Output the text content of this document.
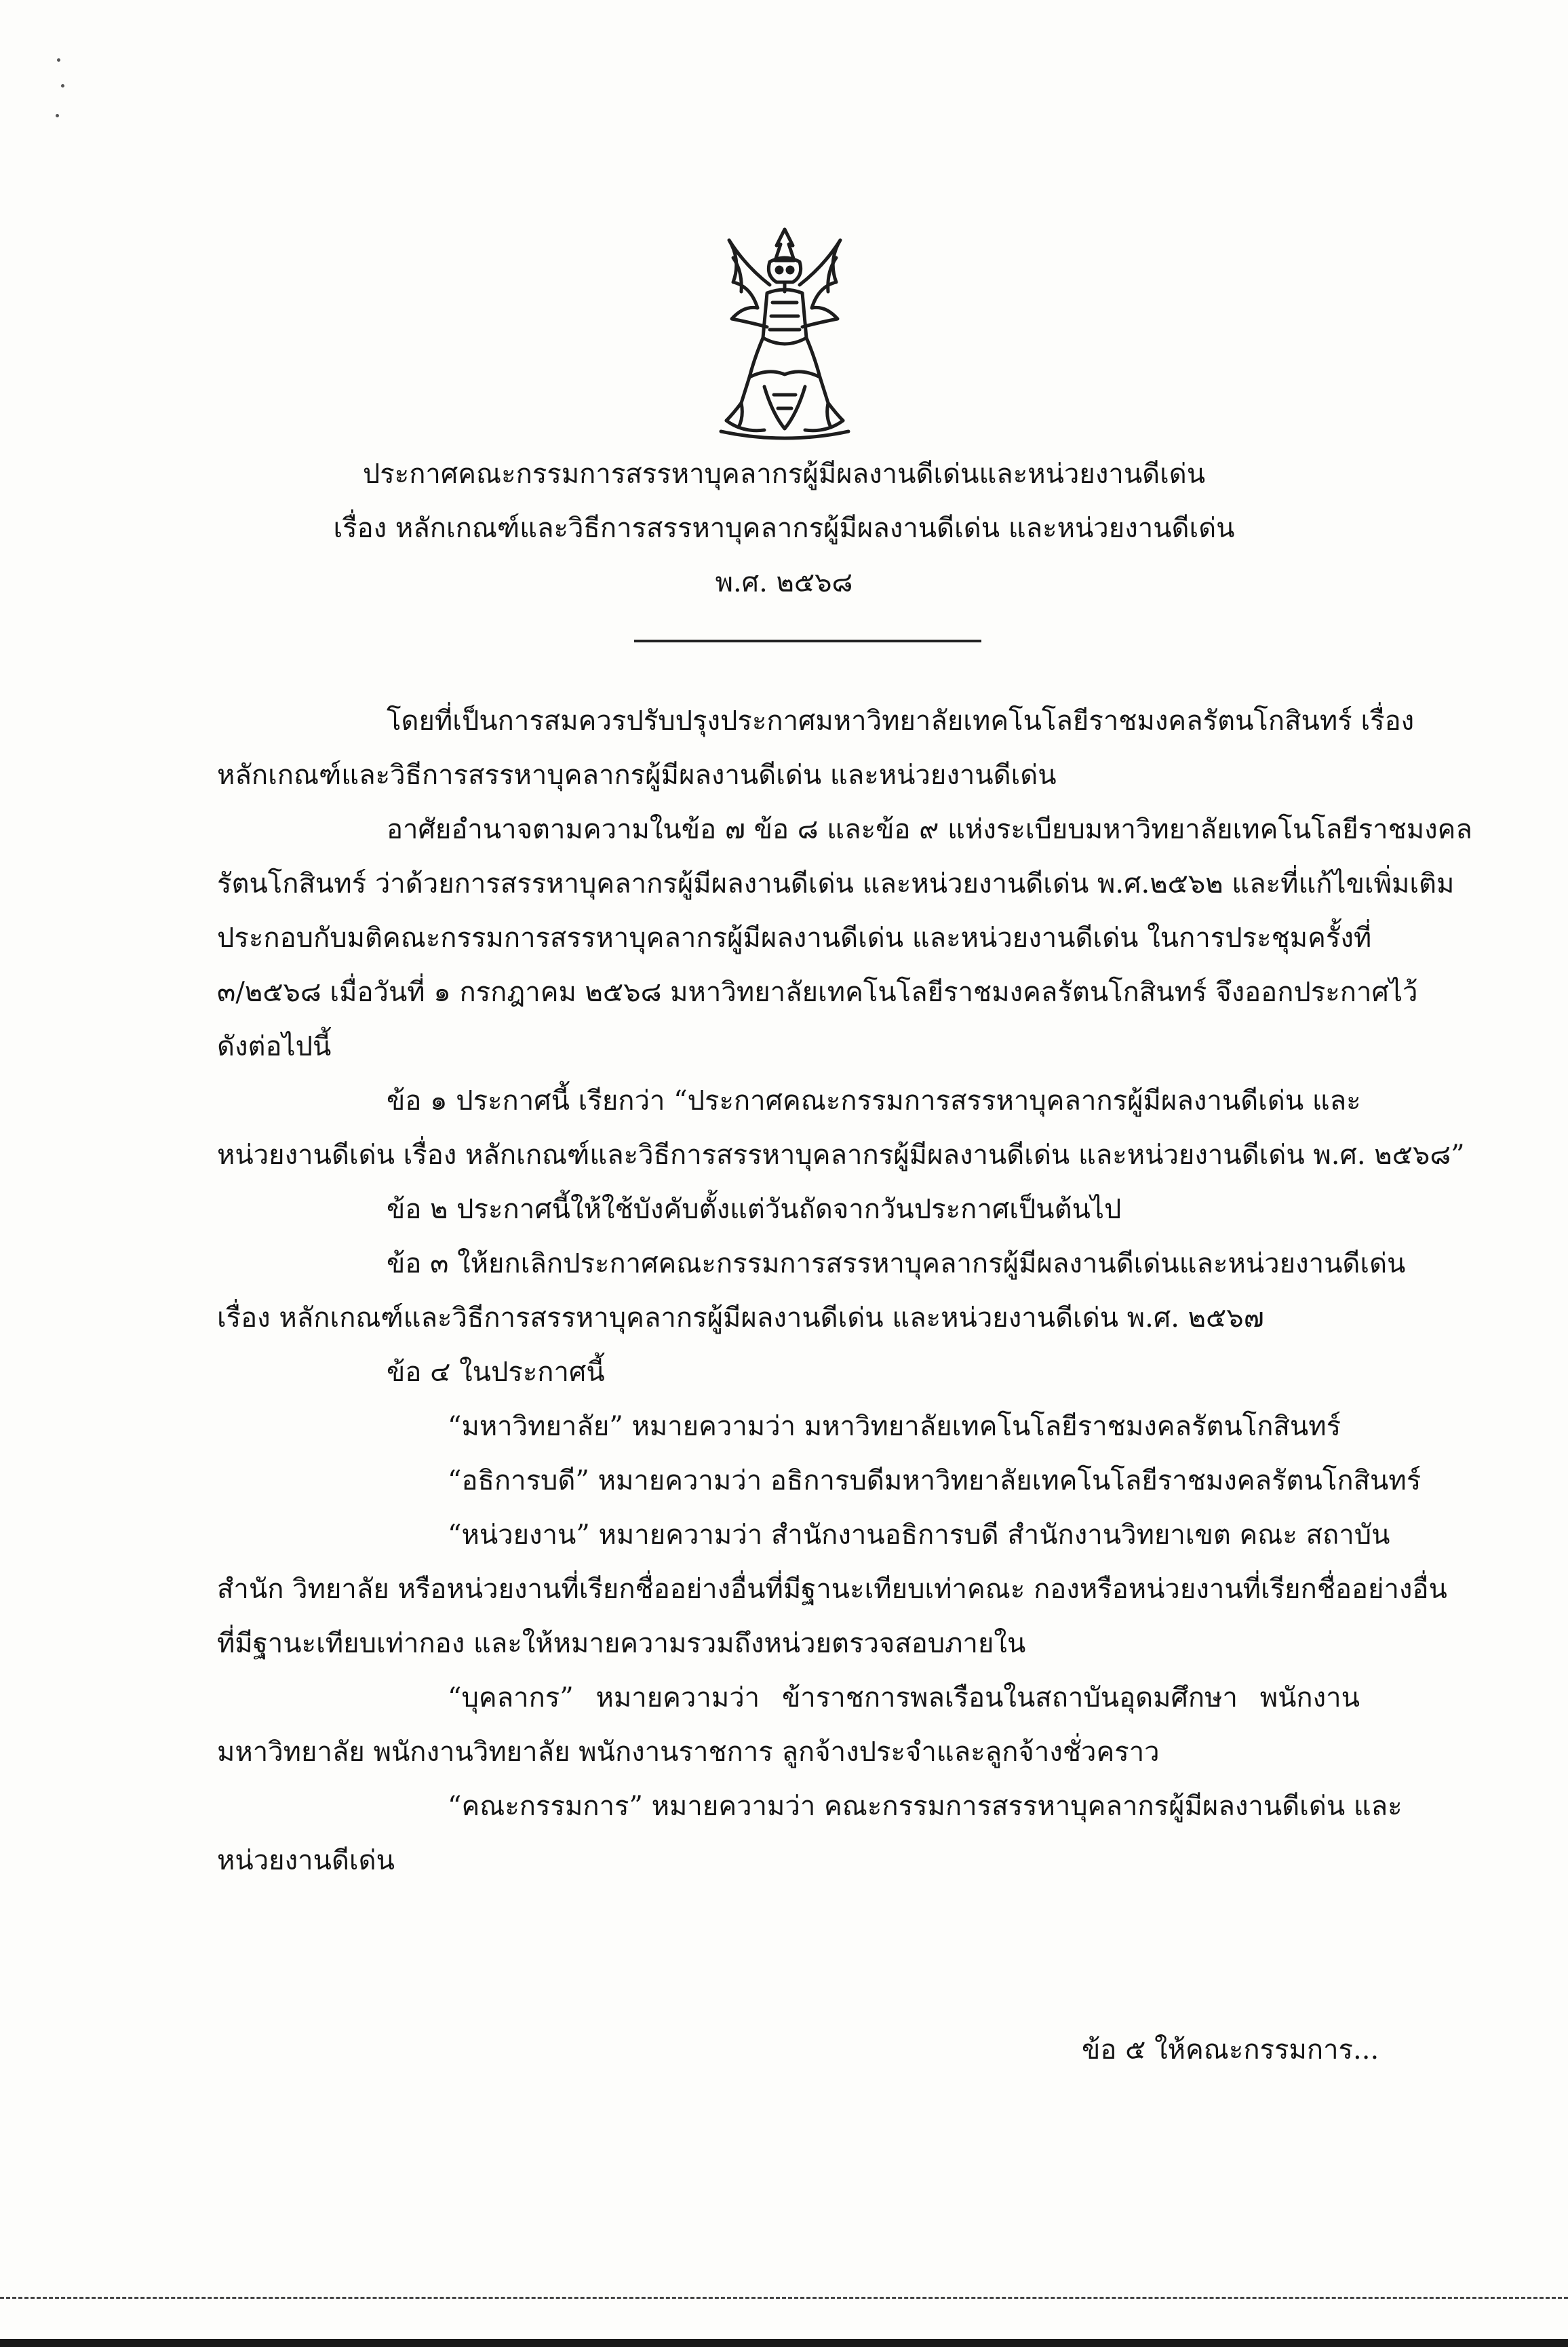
ประกาศคณะกรรมการสรรหาบุคลากรผู้มีผลงานดีเด่นและหน่วยงานดีเด่น
เรื่อง หลักเกณฑ์และวิธีการสรรหาบุคลากรผู้มีผลงานดีเด่น และหน่วยงานดีเด่น
พ.ศ. ๒๕๖๘
โดยที่เป็นการสมควรปรับปรุงประกาศมหาวิทยาลัยเทคโนโลยีราชมงคลรัตนโกสินทร์ เรื่อง
หลักเกณฑ์และวิธีการสรรหาบุคลากรผู้มีผลงานดีเด่น และหน่วยงานดีเด่น
อาศัยอำนาจตามความในข้อ ๗ ข้อ ๘ และข้อ ๙ แห่งระเบียบมหาวิทยาลัยเทคโนโลยีราชมงคล
รัตนโกสินทร์ ว่าด้วยการสรรหาบุคลากรผู้มีผลงานดีเด่น และหน่วยงานดีเด่น พ.ศ.๒๕๖๒ และที่แก้ไขเพิ่มเติม
ประกอบกับมติคณะกรรมการสรรหาบุคลากรผู้มีผลงานดีเด่น และหน่วยงานดีเด่น ในการประชุมครั้งที่
๓/๒๕๖๘ เมื่อวันที่ ๑ กรกฎาคม ๒๕๖๘ มหาวิทยาลัยเทคโนโลยีราชมงคลรัตนโกสินทร์ จึงออกประกาศไว้
ดังต่อไปนี้
ข้อ ๑ ประกาศนี้ เรียกว่า “ประกาศคณะกรรมการสรรหาบุคลากรผู้มีผลงานดีเด่น และ
หน่วยงานดีเด่น เรื่อง หลักเกณฑ์และวิธีการสรรหาบุคลากรผู้มีผลงานดีเด่น และหน่วยงานดีเด่น พ.ศ. ๒๕๖๘”
ข้อ ๒ ประกาศนี้ให้ใช้บังคับตั้งแต่วันถัดจากวันประกาศเป็นต้นไป
ข้อ ๓ ให้ยกเลิกประกาศคณะกรรมการสรรหาบุคลากรผู้มีผลงานดีเด่นและหน่วยงานดีเด่น
เรื่อง หลักเกณฑ์และวิธีการสรรหาบุคลากรผู้มีผลงานดีเด่น และหน่วยงานดีเด่น พ.ศ. ๒๕๖๗
ข้อ ๔ ในประกาศนี้
“มหาวิทยาลัย” หมายความว่า มหาวิทยาลัยเทคโนโลยีราชมงคลรัตนโกสินทร์
“อธิการบดี” หมายความว่า อธิการบดีมหาวิทยาลัยเทคโนโลยีราชมงคลรัตนโกสินทร์
“หน่วยงาน” หมายความว่า สำนักงานอธิการบดี สำนักงานวิทยาเขต คณะ สถาบัน
สำนัก วิทยาลัย หรือหน่วยงานที่เรียกชื่ออย่างอื่นที่มีฐานะเทียบเท่าคณะ กองหรือหน่วยงานที่เรียกชื่ออย่างอื่น
ที่มีฐานะเทียบเท่ากอง และให้หมายความรวมถึงหน่วยตรวจสอบภายใน
“บุคลากร” หมายความว่า ข้าราชการพลเรือนในสถาบันอุดมศึกษา พนักงาน
มหาวิทยาลัย พนักงานวิทยาลัย พนักงานราชการ ลูกจ้างประจำและลูกจ้างชั่วคราว
“คณะกรรมการ” หมายความว่า คณะกรรมการสรรหาบุคลากรผู้มีผลงานดีเด่น และ
หน่วยงานดีเด่น
ข้อ ๕ ให้คณะกรรมการ...
